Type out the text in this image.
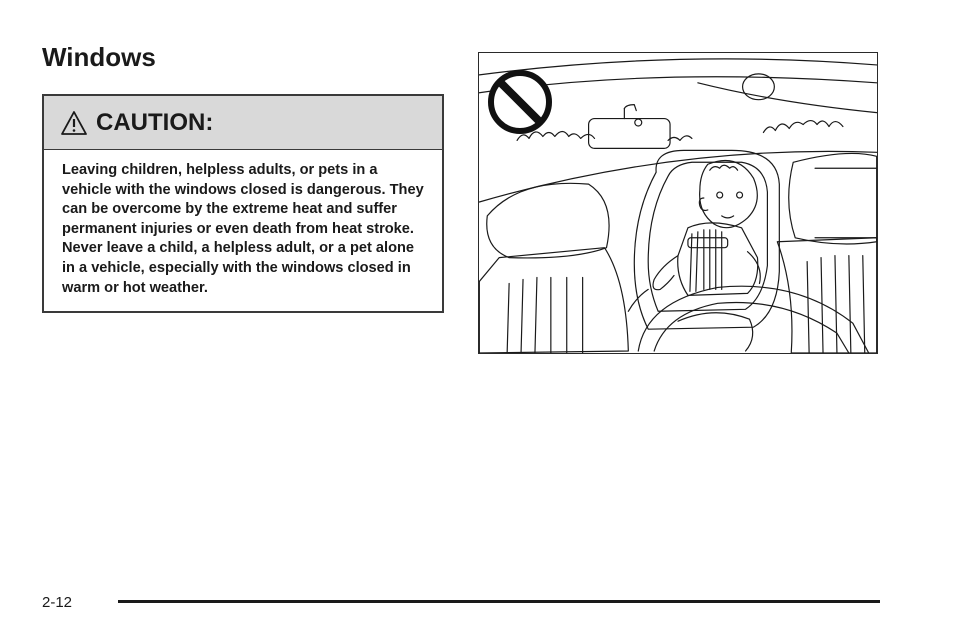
Windows
CAUTION:
Leaving children, helpless adults, or pets in a vehicle with the windows closed is dangerous. They can be overcome by the extreme heat and suffer permanent injuries or even death from heat stroke. Never leave a child, a helpless adult, or a pet alone in a vehicle, especially with the windows closed in warm or hot weather.
2-12
